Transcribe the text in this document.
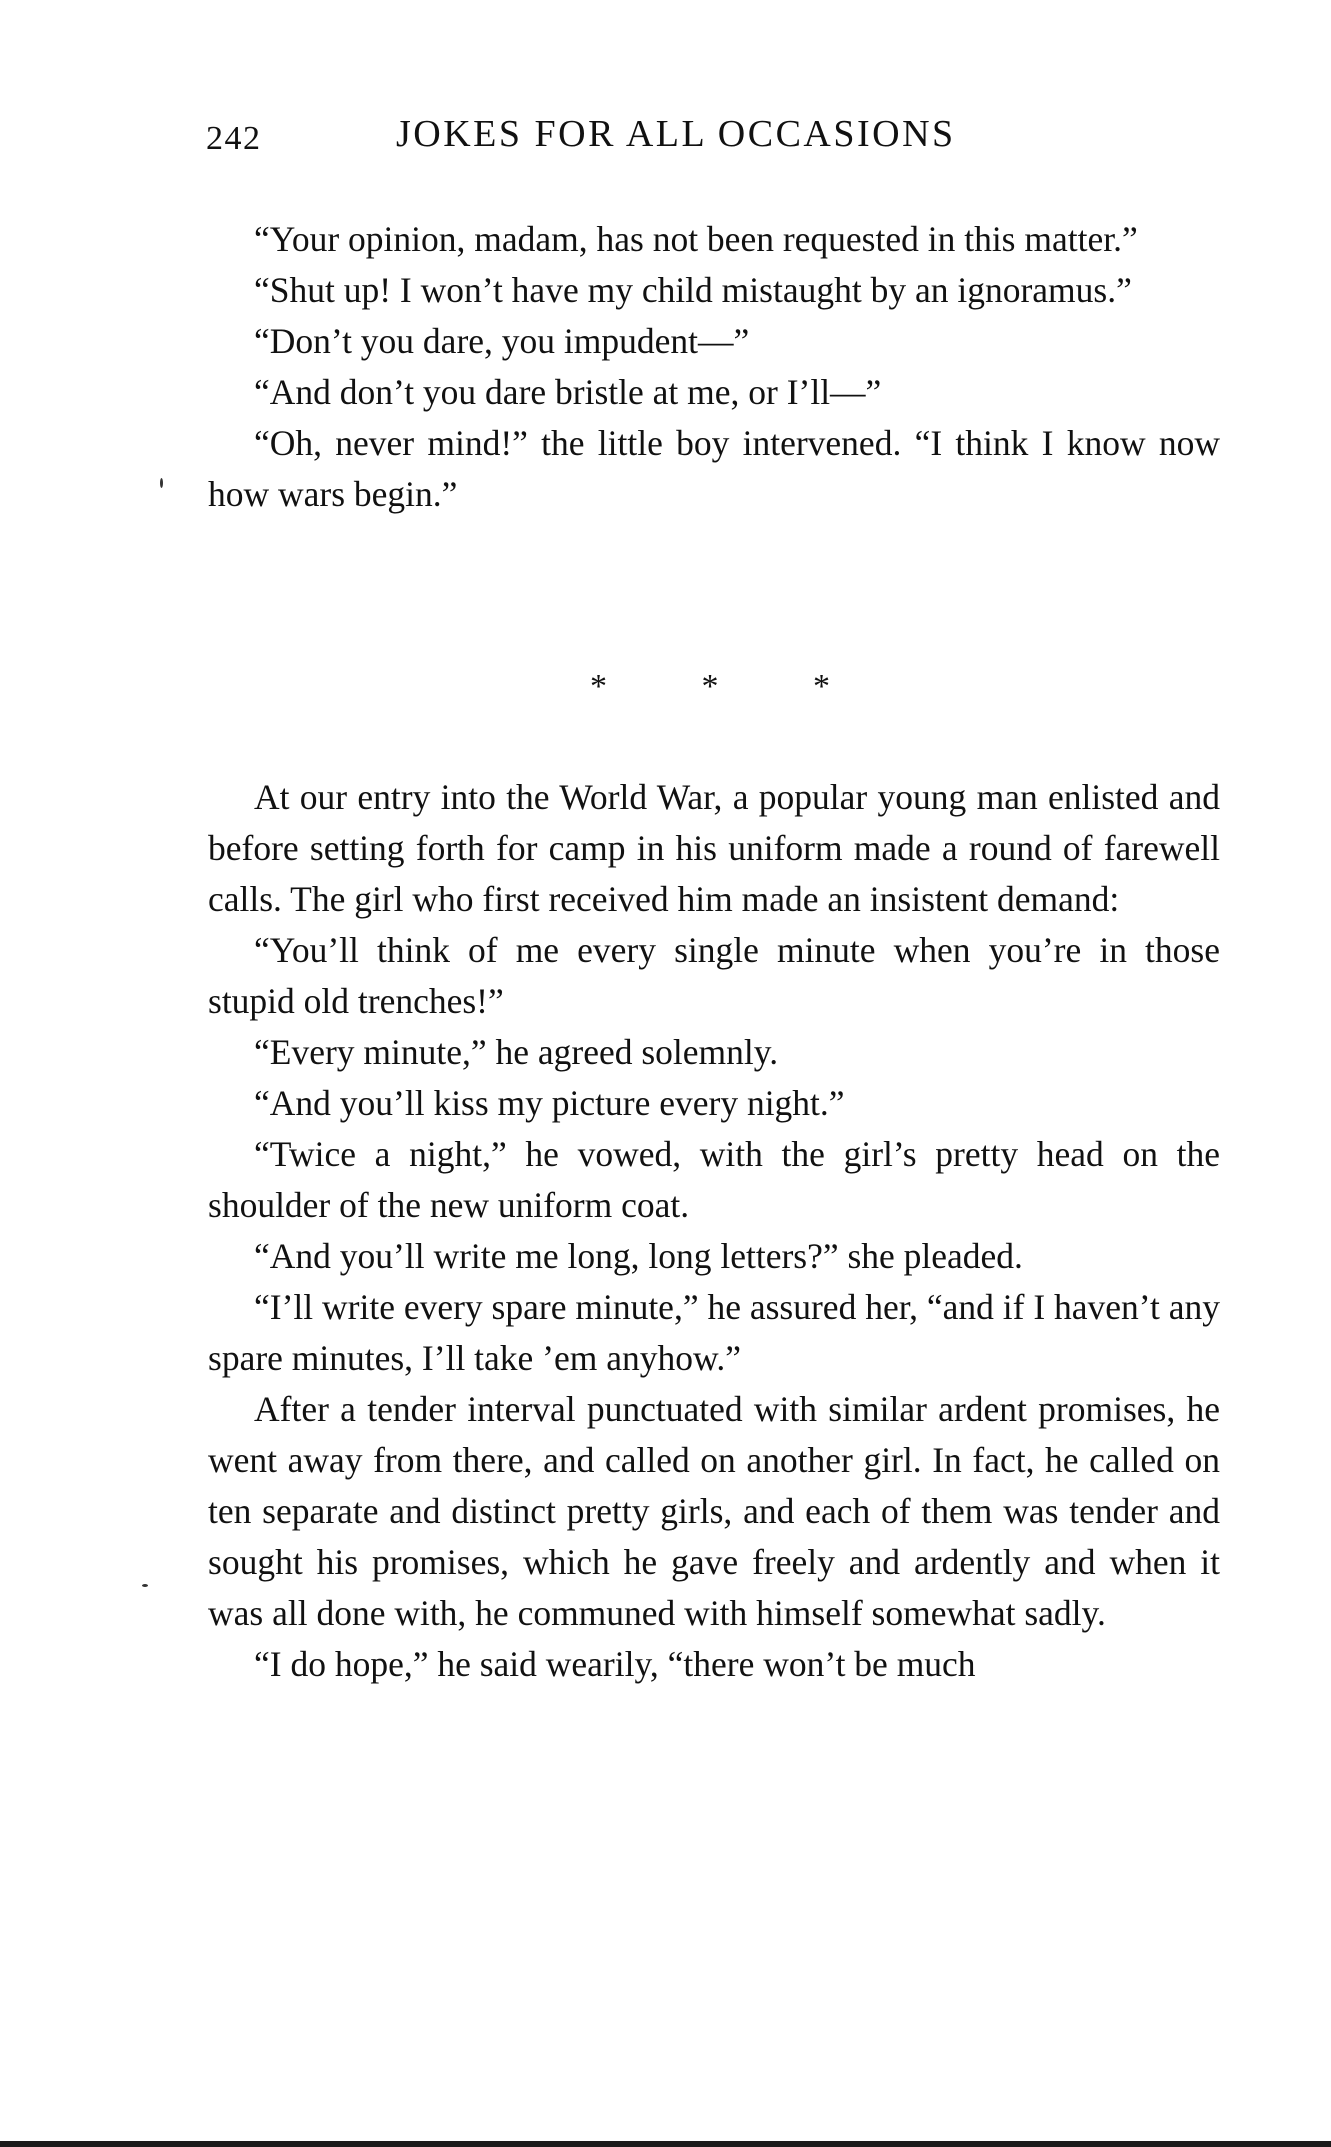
242	JOKES FOR ALL OCCASIONS

“Your opinion, madam, has not been requested in this matter.”

“Shut up! I won’t have my child mistaught by an ignoramus.”

“Don’t you dare, you impudent—”

“And don’t you dare bristle at me, or I’ll—”

“Oh, never mind!” the little boy intervened. “I think I know now how wars begin.”

*	*	*

At our entry into the World War, a popular young man enlisted and before setting forth for camp in his uniform made a round of farewell calls. The girl who first received him made an insistent demand:

“You’ll think of me every single minute when you’re in those stupid old trenches!”

“Every minute,” he agreed solemnly.

“And you’ll kiss my picture every night.”

“Twice a night,” he vowed, with the girl’s pretty head on the shoulder of the new uniform coat.

“And you’ll write me long, long letters?” she pleaded.

“I’ll write every spare minute,” he assured her, “and if I haven’t any spare minutes, I’ll take ’em anyhow.”

After a tender interval punctuated with similar ardent promises, he went away from there, and called on another girl. In fact, he called on ten separate and distinct pretty girls, and each of them was tender and sought his promises, which he gave freely and ardently and when it was all done with, he communed with himself somewhat sadly.

“I do hope,” he said wearily, “there won’t be much
